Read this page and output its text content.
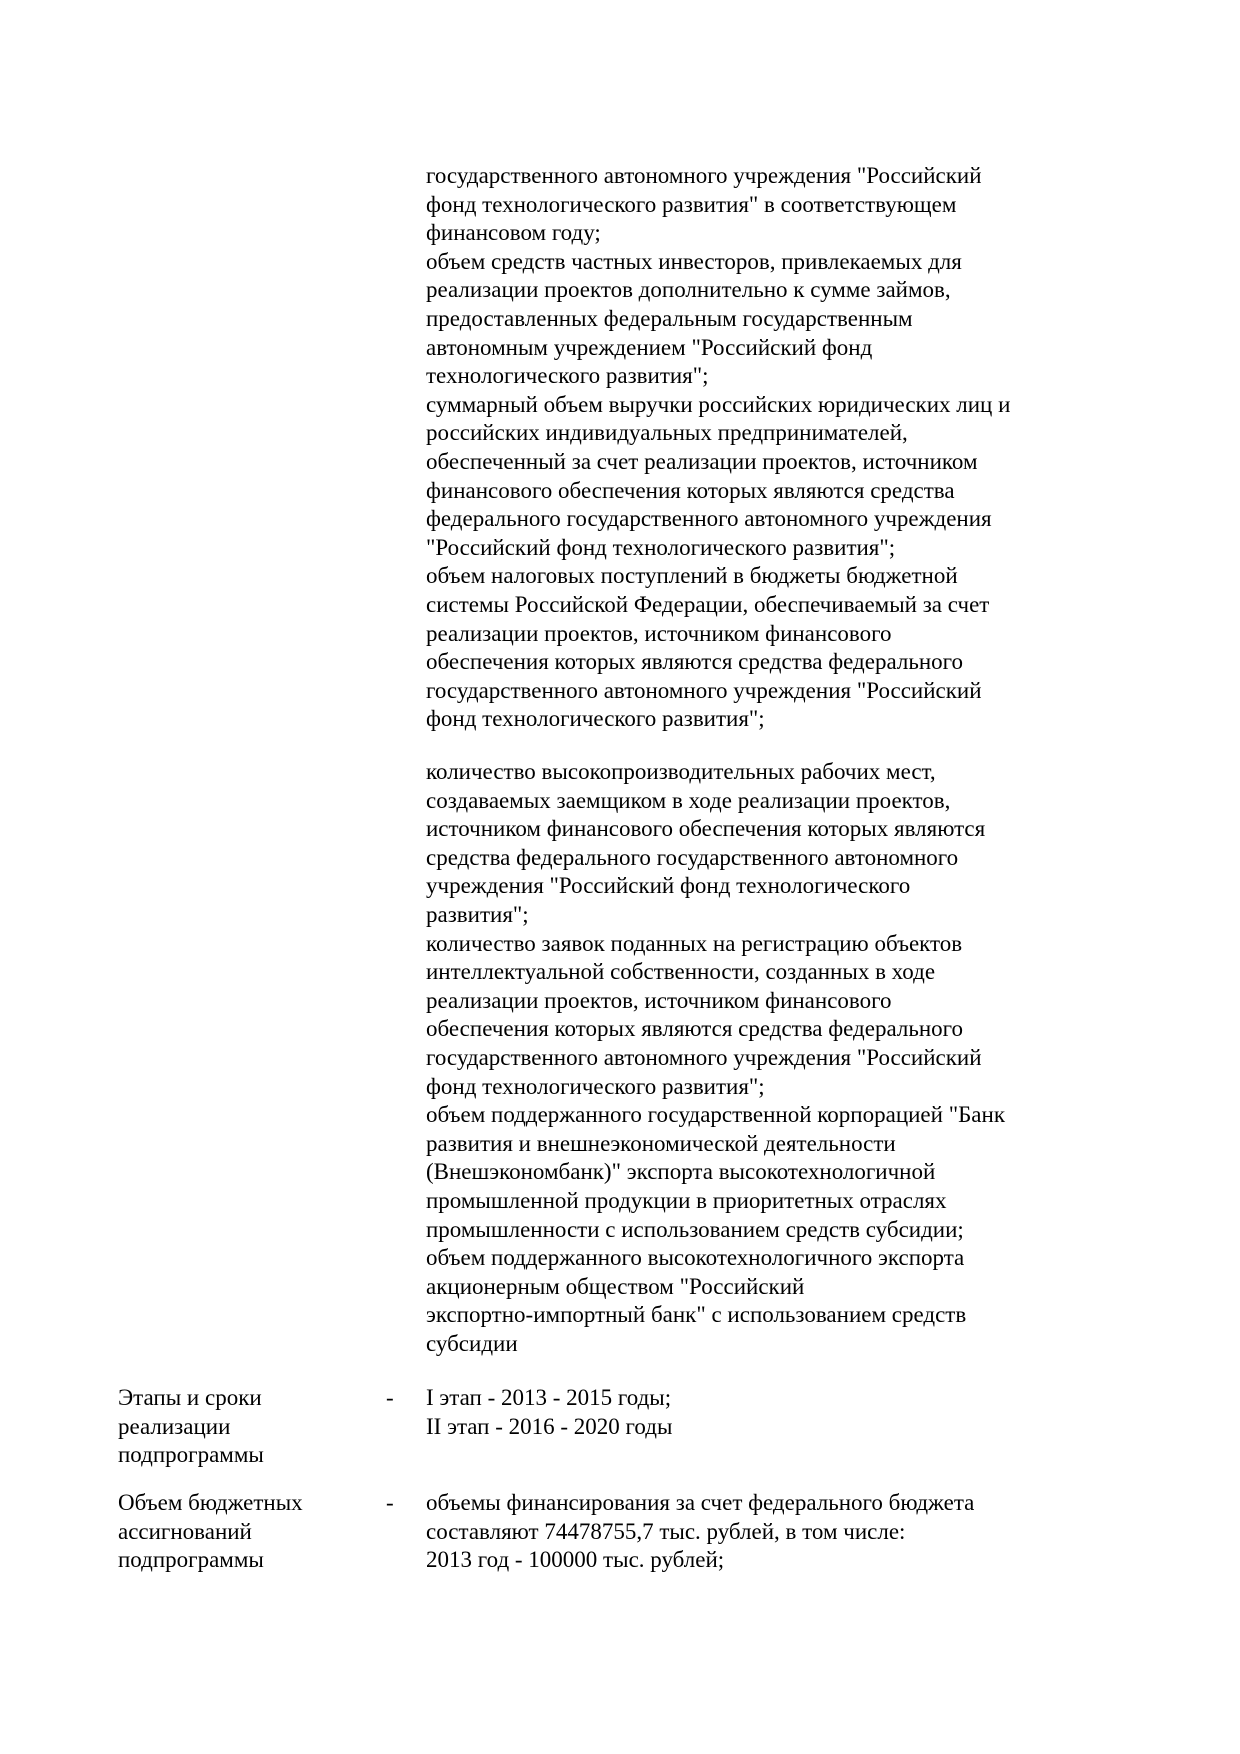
государственного автономного учреждения "Российский
фонд технологического развития" в соответствующем
финансовом году;
объем средств частных инвесторов, привлекаемых для
реализации проектов дополнительно к сумме займов,
предоставленных федеральным государственным
автономным учреждением "Российский фонд
технологического развития";
суммарный объем выручки российских юридических лиц и
российских индивидуальных предпринимателей,
обеспеченный за счет реализации проектов, источником
финансового обеспечения которых являются средства
федерального государственного автономного учреждения
"Российский фонд технологического развития";
объем налоговых поступлений в бюджеты бюджетной
системы Российской Федерации, обеспечиваемый за счет
реализации проектов, источником финансового
обеспечения которых являются средства федерального
государственного автономного учреждения "Российский
фонд технологического развития";
количество высокопроизводительных рабочих мест,
создаваемых заемщиком в ходе реализации проектов,
источником финансового обеспечения которых являются
средства федерального государственного автономного
учреждения "Российский фонд технологического
развития";
количество заявок поданных на регистрацию объектов
интеллектуальной собственности, созданных в ходе
реализации проектов, источником финансового
обеспечения которых являются средства федерального
государственного автономного учреждения "Российский
фонд технологического развития";
объем поддержанного государственной корпорацией "Банк
развития и внешнеэкономической деятельности
(Внешэкономбанк)" экспорта высокотехнологичной
промышленной продукции в приоритетных отраслях
промышленности с использованием средств субсидии;
объем поддержанного высокотехнологичного экспорта
акционерным обществом "Российский
экспортно-импортный банк" с использованием средств
субсидии
Этапы и сроки
реализации
подпрограммы
- I этап - 2013 - 2015 годы;
II этап - 2016 - 2020 годы
Объем бюджетных
ассигнований
подпрограммы
- объемы финансирования за счет федерального бюджета
составляют 74478755,7 тыс. рублей, в том числе:
2013 год - 100000 тыс. рублей;
